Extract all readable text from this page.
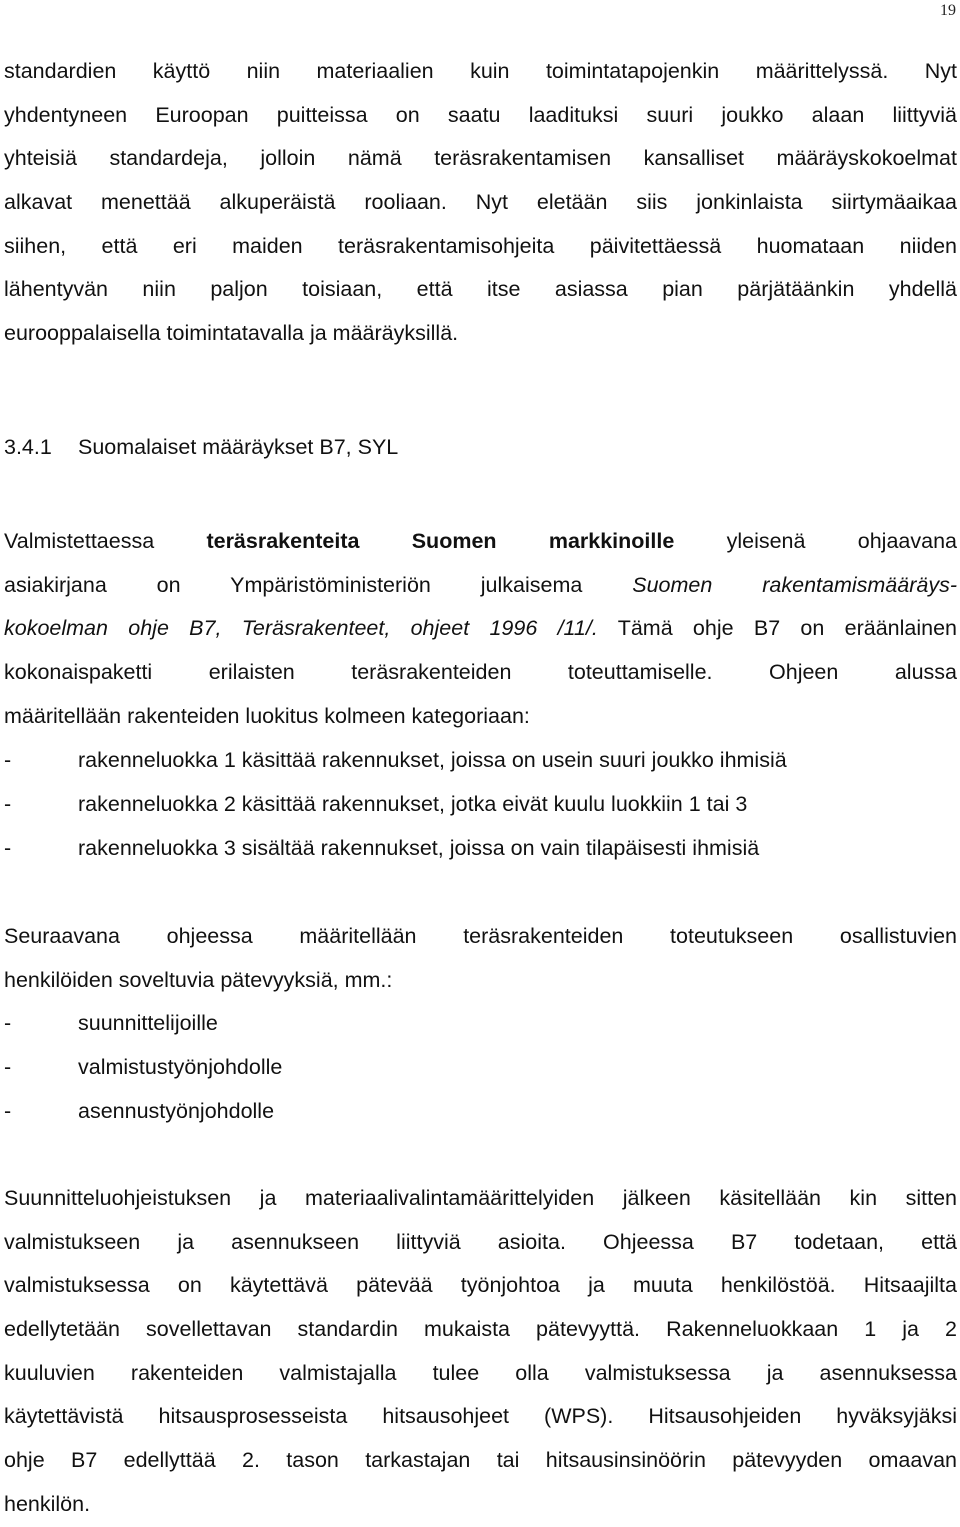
19
standardien käyttö niin materiaalien kuin toimintatapojenkin määrittelyssä. Nyt
yhdentyneen Euroopan puitteissa on saatu laadituksi suuri joukko alaan liittyviä
yhteisiä standardeja, jolloin nämä teräsrakentamisen kansalliset määräyskokoelmat
alkavat menettää alkuperäistä rooliaan. Nyt eletään siis jonkinlaista siirtymäaikaa
siihen, että eri maiden teräsrakentamisohjeita päivitettäessä huomataan niiden
lähentyvän niin paljon toisiaan, että itse asiassa pian pärjätäänkin yhdellä
eurooppalaisella toimintatavalla ja määräyksillä.
3.4.1 Suomalaiset määräykset B7, SYL
Valmistettaessa teräsrakenteita Suomen markkinoille yleisenä ohjaavana
asiakirjana on Ympäristöministeriön julkaisema Suomen rakentamismääräys-
kokoelman ohje B7, Teräsrakenteet, ohjeet 1996 /11/. Tämä ohje B7 on eräänlainen
kokonaispaketti erilaisten teräsrakenteiden toteuttamiselle. Ohjeen alussa
määritellään rakenteiden luokitus kolmeen kategoriaan:
-	rakenneluokka 1 käsittää rakennukset, joissa on usein suuri joukko ihmisiä
-	rakenneluokka 2 käsittää rakennukset, jotka eivät kuulu luokkiin 1 tai 3
-	rakenneluokka 3 sisältää rakennukset, joissa on vain tilapäisesti ihmisiä
Seuraavana ohjeessa määritellään teräsrakenteiden toteutukseen osallistuvien
henkilöiden soveltuvia pätevyyksiä, mm.:
-	suunnittelijoille
-	valmistustyönjohdolle
-	asennustyönjohdolle
Suunnitteluohjeistuksen ja materiaalivalintamäärittelyiden jälkeen käsitellään kin sitten
valmistukseen ja asennukseen liittyviä asioita. Ohjeessa B7 todetaan, että
valmistuksessa on käytettävä pätevää työnjohtoa ja muuta henkilöstöä. Hitsaajilta
edellytetään sovellettavan standardin mukaista pätevyyttä. Rakenneluokkaan 1 ja 2
kuuluvien rakenteiden valmistajalla tulee olla valmistuksessa ja asennuksessa
käytettävistä hitsausprosesseista hitsausohjeet (WPS). Hitsausohjeiden hyväksyjäksi
ohje B7 edellyttää 2. tason tarkastajan tai hitsausinsinöörin pätevyyden omaavan
henkilön.
